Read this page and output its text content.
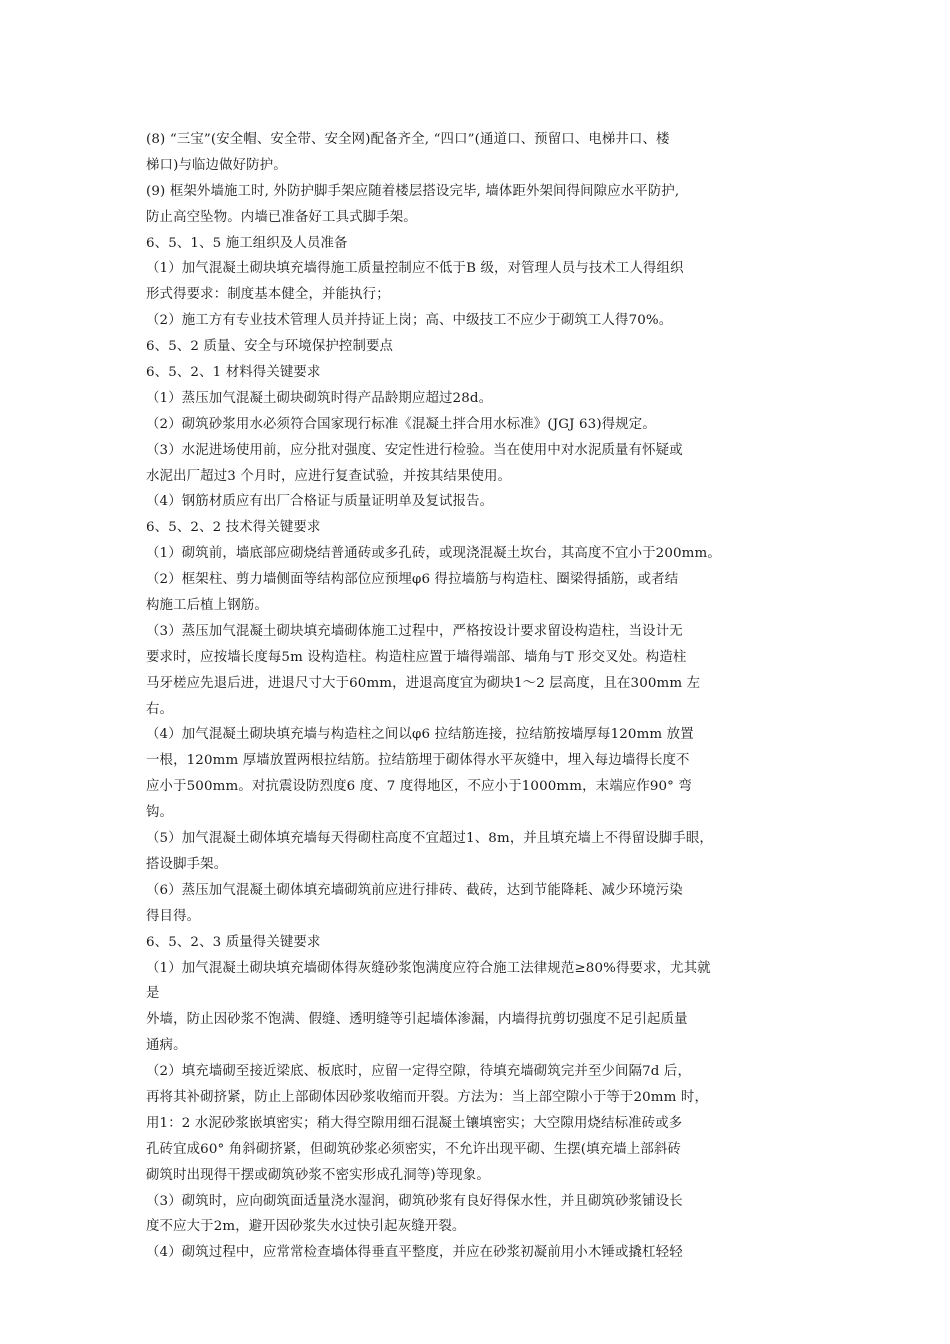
(8) “三宝”(安全帽、安全带、安全网)配备齐全, “四口”(通道口、预留口、电梯井口、楼
梯口)与临边做好防护。
(9) 框架外墙施工时, 外防护脚手架应随着楼层搭设完毕, 墙体距外架间得间隙应水平防护,
防止高空坠物。内墙已准备好工具式脚手架。
6、5、1、5 施工组织及人员准备
（1）加气混凝土砌块填充墙得施工质量控制应不低于B 级，对管理人员与技术工人得组织
形式得要求：制度基本健全，并能执行；
（2）施工方有专业技术管理人员并持证上岗；高、中级技工不应少于砌筑工人得70%。
6、5、2 质量、安全与环境保护控制要点
6、5、2、1 材料得关键要求
（1）蒸压加气混凝土砌块砌筑时得产品龄期应超过28d。
（2）砌筑砂浆用水必须符合国家现行标准《混凝土拌合用水标准》(JGJ 63)得规定。
（3）水泥进场使用前，应分批对强度、安定性进行检验。当在使用中对水泥质量有怀疑或
水泥出厂超过3 个月时，应进行复查试验，并按其结果使用。
（4）钢筋材质应有出厂合格证与质量证明单及复试报告。
6、5、2、2 技术得关键要求
（1）砌筑前，墙底部应砌烧结普通砖或多孔砖，或现浇混凝土坎台，其高度不宜小于200mm。
（2）框架柱、剪力墙侧面等结构部位应预埋φ6 得拉墙筋与构造柱、圈梁得插筋，或者结
构施工后植上钢筋。
（3）蒸压加气混凝土砌块填充墙砌体施工过程中，严格按设计要求留设构造柱，当设计无
要求时，应按墙长度每5m 设构造柱。构造柱应置于墙得端部、墙角与T 形交叉处。构造柱
马牙槎应先退后进，进退尺寸大于60mm，进退高度宜为砌块1～2 层高度，且在300mm 左
右。
（4）加气混凝土砌块填充墙与构造柱之间以φ6 拉结筋连接，拉结筋按墙厚每120mm 放置
一根，120mm 厚墙放置两根拉结筋。拉结筋埋于砌体得水平灰缝中，埋入每边墙得长度不
应小于500mm。对抗震设防烈度6 度、7 度得地区，不应小于1000mm，末端应作90° 弯
钩。
（5）加气混凝土砌体填充墙每天得砌柱高度不宜超过1、8m，并且填充墙上不得留设脚手眼，
搭设脚手架。
（6）蒸压加气混凝土砌体填充墙砌筑前应进行排砖、截砖，达到节能降耗、减少环境污染
得目得。
6、5、2、3 质量得关键要求
（1）加气混凝土砌块填充墙砌体得灰缝砂浆饱满度应符合施工法律规范≥80%得要求，尤其就
是
外墙，防止因砂浆不饱满、假缝、透明缝等引起墙体渗漏，内墙得抗剪切强度不足引起质量
通病。
（2）填充墙砌至接近梁底、板底时，应留一定得空隙，待填充墙砌筑完并至少间隔7d 后，
再将其补砌挤紧，防止上部砌体因砂浆收缩而开裂。方法为：当上部空隙小于等于20mm 时，
用1：2 水泥砂浆嵌填密实；稍大得空隙用细石混凝土镶填密实；大空隙用烧结标准砖或多
孔砖宜成60° 角斜砌挤紧，但砌筑砂浆必须密实，不允许出现平砌、生摆(填充墙上部斜砖
砌筑时出现得干摆或砌筑砂浆不密实形成孔洞等)等现象。
（3）砌筑时，应向砌筑面适量浇水湿润，砌筑砂浆有良好得保水性，并且砌筑砂浆铺设长
度不应大于2m，避开因砂浆失水过快引起灰缝开裂。
（4）砌筑过程中，应常常检查墙体得垂直平整度，并应在砂浆初凝前用小木锤或撬杠轻轻
